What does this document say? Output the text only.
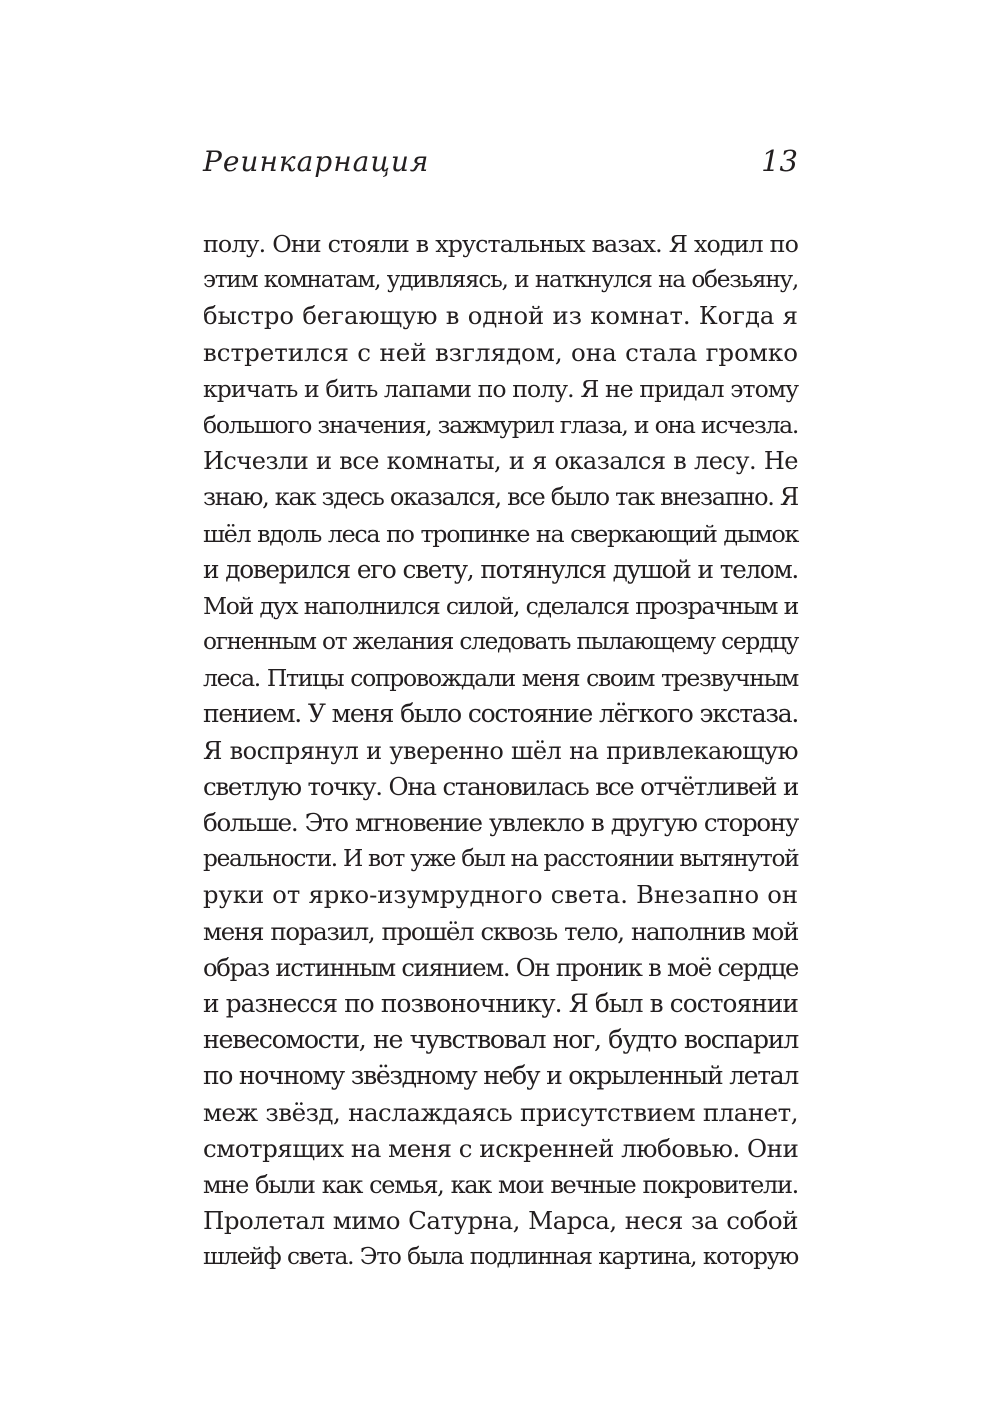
Реинкарнация	13
полу. Они стояли в хрустальных вазах. Я ходил по
этим комнатам, удивляясь, и наткнулся на обезьяну,
быстро бегающую в одной из комнат. Когда я
встретился с ней взглядом, она стала громко
кричать и бить лапами по полу. Я не придал этому
большого значения, зажмурил глаза, и она исчезла.
Исчезли и все комнаты, и я оказался в лесу. Не
знаю, как здесь оказался, все было так внезапно. Я
шёл вдоль леса по тропинке на сверкающий дымок
и доверился его свету, потянулся душой и телом.
Мой дух наполнился силой, сделался прозрачным и
огненным от желания следовать пылающему сердцу
леса. Птицы сопровождали меня своим трезвучным
пением. У меня было состояние лёгкого экстаза.
Я воспрянул и уверенно шёл на привлекающую
светлую точку. Она становилась все отчётливей и
больше. Это мгновение увлекло в другую сторону
реальности. И вот уже был на расстоянии вытянутой
руки от ярко-изумрудного света. Внезапно он
меня поразил, прошёл сквозь тело, наполнив мой
образ истинным сиянием. Он проник в моё сердце
и разнесся по позвоночнику. Я был в состоянии
невесомости, не чувствовал ног, будто воспарил
по ночному звёздному небу и окрыленный летал
меж звёзд, наслаждаясь присутствием планет,
смотрящих на меня с искренней любовью. Они
мне были как семья, как мои вечные покровители.
Пролетал мимо Сатурна, Марса, неся за собой
шлейф света. Это была подлинная картина, которую
